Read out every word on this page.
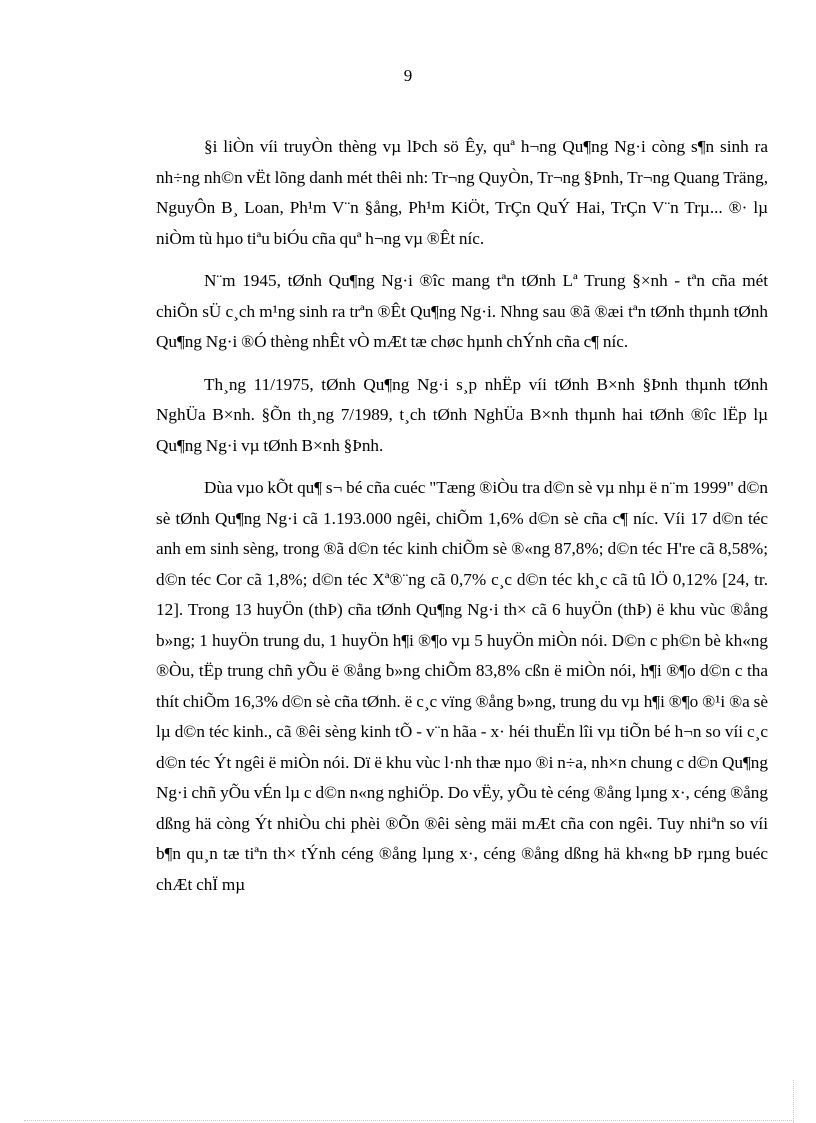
9

§i liÒn víi truyÒn thèng vµ lÞch sö Êy, quª h¬ng Qu¶ng Ng·i còng s¶n sinh ra nh÷ng nh©n vËt lõng danh mét thêi nh: Tr¬ng QuyÒn, Tr¬ng §Þnh, Tr¬ng Quang Träng, NguyÔn B¸ Loan, Ph¹m V¨n §ång, Ph¹m KiÖt, TrÇn QuÝ Hai, TrÇn V¨n Trµ... ®· lµ niÒm tù hµo tiªu biÓu cña quª h¬ng vµ ®Êt níc.

N¨m 1945, tØnh Qu¶ng Ng·i ®îc mang tªn tØnh Lª Trung §×nh - tªn cña mét chiÕn sÜ c¸ch m¹ng sinh ra trªn ®Êt Qu¶ng Ng·i. Nhng sau ®ã ®æi tªn tØnh thµnh tØnh Qu¶ng Ng·i ®Ó thèng nhÊt vÒ mÆt tæ chøc hµnh chÝnh cña c¶ níc.

Th¸ng 11/1975, tØnh Qu¶ng Ng·i s¸p nhËp víi tØnh B×nh §Þnh thµnh tØnh NghÜa B×nh. §Õn th¸ng 7/1989, t¸ch tØnh NghÜa B×nh thµnh hai tØnh ®îc lËp lµ Qu¶ng Ng·i vµ tØnh B×nh §Þnh.

Dùa vµo kÕt qu¶ s¬ bé cña cuéc "Tæng ®iÒu tra d©n sè vµ nhµ ë n¨m 1999" d©n sè tØnh Qu¶ng Ng·i cã 1.193.000 ngêi, chiÕm 1,6% d©n sè cña c¶ níc. Víi 17 d©n téc anh em sinh sèng, trong ®ã d©n téc kinh chiÕm sè ®«ng 87,8%; d©n téc H're cã 8,58%; d©n téc Cor cã 1,8%; d©n téc Xª®¨ng cã 0,7% c¸c d©n téc kh¸c cã tû lÖ 0,12% [24, tr. 12]. Trong 13 huyÖn (thÞ) cña tØnh Qu¶ng Ng·i th× cã 6 huyÖn (thÞ) ë khu vùc ®ång b»ng; 1 huyÖn trung du, 1 huyÖn h¶i ®¶o vµ 5 huyÖn miÒn nói. D©n c ph©n bè kh«ng ®Òu, tËp trung chñ yÕu ë ®ång b»ng chiÕm 83,8% cßn ë miÒn nói, h¶i ®¶o d©n c tha thít chiÕm 16,3% d©n sè cña tØnh. ë c¸c vïng ®ång b»ng, trung du vµ h¶i ®¶o ®¹i ®a sè lµ d©n téc kinh., cã ®êi sèng kinh tÕ - v¨n hãa - x· héi thuËn lîi vµ tiÕn bé h¬n so víi c¸c d©n téc Ýt ngêi ë miÒn nói. Dï ë khu vùc l·nh thæ nµo ®i n÷a, nh×n chung c d©n Qu¶ng Ng·i chñ yÕu vÉn lµ c d©n n«ng nghiÖp. Do vËy, yÕu tè céng ®ång lµng x·, céng ®ång dßng hä còng Ýt nhiÒu chi phèi ®Õn ®êi sèng mäi mÆt cña con ngêi. Tuy nhiªn so víi b¶n qu¸n tæ tiªn th× tÝnh céng ®ång lµng x·, céng ®ång dßng hä kh«ng bÞ rµng buéc chÆt chÏ mµ
